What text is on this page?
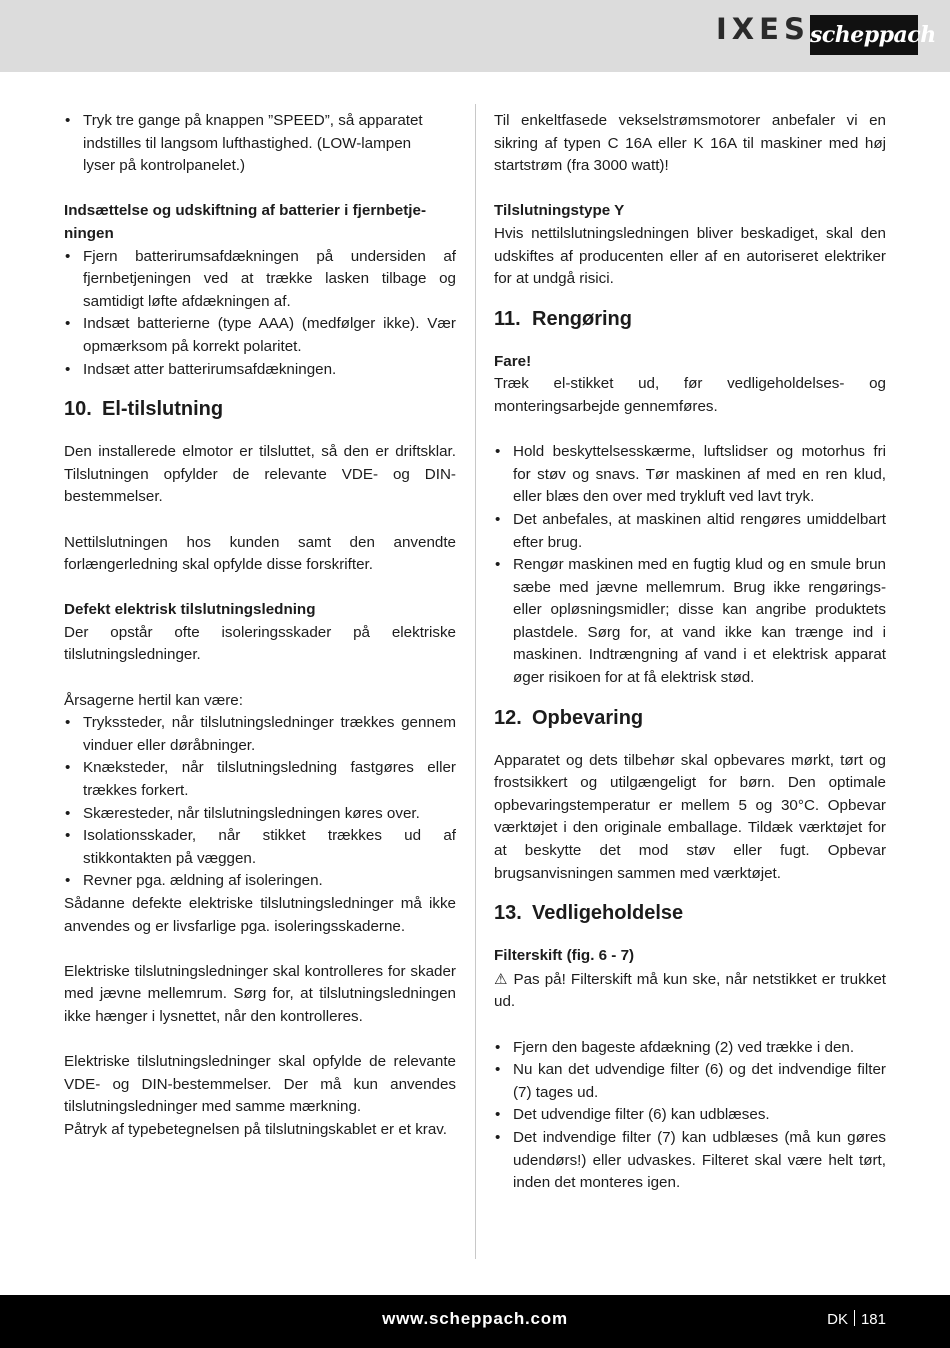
IXES scheppach
• Tryk tre gange på knappen ”SPEED”, så apparatet
indstilles til langsom lufthastighed. (LOW-lampen
lyser på kontrolpanelet.)

Indsættelse og udskiftning af batterier i fjernbetje-
ningen

• Fjern batterirumsafdækningen på undersiden af fjernbetjeningen ved at trække lasken tilbage og samtidigt løfte afdækningen af.
• Indsæt batterierne (type AAA) (medfølger ikke). Vær opmærksom på korrekt polaritet.
• Indsæt atter batterirumsafdækningen.
10. El-tilslutning

Den installerede elmotor er tilsluttet, så den er driftsklar. Tilslutningen opfylder de relevante VDE- og DIN-bestemmelser.

Nettilslutningen hos kunden samt den anvendte forlængerledning skal opfylde disse forskrifter.

Defekt elektrisk tilslutningsledning

Der opstår ofte isoleringsskader på elektriske tilslutningsledninger.

Årsagerne hertil kan være:

• Trykssteder, når tilslutningsledninger trækkes gennem vinduer eller døråbninger.
• Knæksteder, når tilslutningsledning fastgøres eller trækkes forkert.
• Skæresteder, når tilslutningsledningen køres over.
• Isolationsskader, når stikket trækkes ud af stikkontakten på væggen.
• Revner pga. ældning af isoleringen.

Sådanne defekte elektriske tilslutningsledninger må ikke anvendes og er livsfarlige pga. isoleringsskaderne.

Elektriske tilslutningsledninger skal kontrolleres for skader med jævne mellemrum. Sørg for, at tilslutningsledningen ikke hænger i lysnettet, når den kontrolleres.

Elektriske tilslutningsledninger skal opfylde de relevante VDE- og DIN-bestemmelser. Der må kun anvendes tilslutningsledninger med samme mærkning.

Påtryk af typebetegnelsen på tilslutningskablet er et krav.

Til enkeltfasede vekselstrømsmotorer anbefaler vi en sikring af typen C 16A eller K 16A til maskiner med høj startstrøm (fra 3000 watt)!

Tilslutningstype Y

Hvis nettilslutningsledningen bliver beskadiget, skal den udskiftes af producenten eller af en autoriseret elektriker for at undgå risici.

11. Rengøring

Fare!

Træk el-stikket ud, før vedligeholdelses- og monteringsarbejde gennemføres.

• Hold beskyttelsesskærme, luftslidser og motorhus fri for støv og snavs. Tør maskinen af med en ren klud, eller blæs den over med trykluft ved lavt tryk.
• Det anbefales, at maskinen altid rengøres umiddelbart efter brug.
• Rengør maskinen med en fugtig klud og en smule brun sæbe med jævne mellemrum. Brug ikke rengørings- eller opløsningsmidler; disse kan angribe produktets plastdele. Sørg for, at vand ikke kan trænge ind i maskinen. Indtrængning af vand i et elektrisk apparat øger risikoen for at få elektrisk stød.
12. Opbevaring

Apparatet og dets tilbehør skal opbevares mørkt, tørt og frostsikkert og utilgængeligt for børn. Den optimale opbevaringstemperatur er mellem 5 og 30°C. Opbevar værktøjet i den originale emballage. Tildæk værktøjet for at beskytte det mod støv eller fugt. Opbevar brugsanvisningen sammen med værktøjet.

13. Vedligeholdelse

Filterskift (fig. 6 - 7)

⚠ Pas på! Filterskift må kun ske, når netstikket er trukket ud.

• Fjern den bageste afdækning (2) ved trække i den.
• Nu kan det udvendige filter (6) og det indvendige filter (7) tages ud.
• Det udvendige filter (6) kan udblæses.
• Det indvendige filter (7) kan udblæses (må kun gøres udendørs!) eller udvaskes. Filteret skal være helt tørt, inden det monteres igen.
www.scheppach.com	DK 181
